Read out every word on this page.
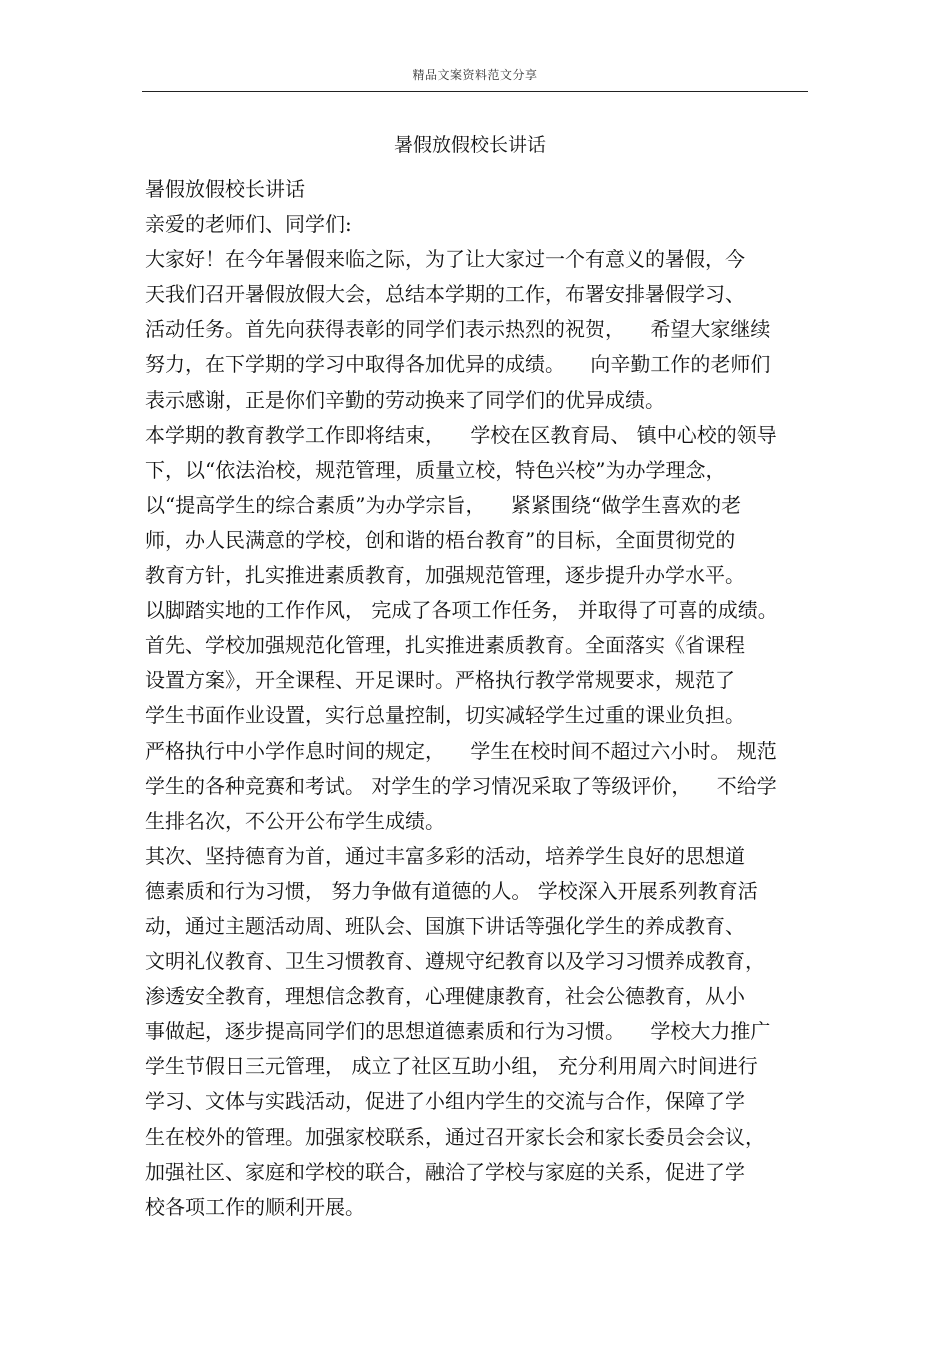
精品文案资料范文分享
暑假放假校长讲话
暑假放假校长讲话
亲爱的老师们、同学们:
大家好！在今年暑假来临之际，为了让大家过一个有意义的暑假，今
天我们召开暑假放假大会，总结本学期的工作，布署安排暑假学习、
活动任务。首先向获得表彰的同学们表示热烈的祝贺，    希望大家继续
努力，在下学期的学习中取得各加优异的成绩。    向辛勤工作的老师们
表示感谢，正是你们辛勤的劳动换来了同学们的优异成绩。
本学期的教育教学工作即将结束，    学校在区教育局、 镇中心校的领导
下，以“依法治校，规范管理，质量立校，特色兴校”为办学理念，
以“提高学生的综合素质”为办学宗旨，    紧紧围绕“做学生喜欢的老
师，办人民满意的学校，创和谐的梧台教育”的目标，全面贯彻党的
教育方针，扎实推进素质教育，加强规范管理，逐步提升办学水平。
以脚踏实地的工作作风， 完成了各项工作任务， 并取得了可喜的成绩。
首先、学校加强规范化管理，扎实推进素质教育。全面落实《省课程
设置方案》，开全课程、开足课时。严格执行教学常规要求，规范了
学生书面作业设置，实行总量控制，切实减轻学生过重的课业负担。
严格执行中小学作息时间的规定，    学生在校时间不超过六小时。 规范
学生的各种竞赛和考试。 对学生的学习情况采取了等级评价，    不给学
生排名次，不公开公布学生成绩。
其次、坚持德育为首，通过丰富多彩的活动，培养学生良好的思想道
德素质和行为习惯， 努力争做有道德的人。 学校深入开展系列教育活
动，通过主题活动周、班队会、国旗下讲话等强化学生的养成教育、
文明礼仪教育、卫生习惯教育、遵规守纪教育以及学习习惯养成教育，
渗透安全教育，理想信念教育，心理健康教育，社会公德教育，从小
事做起，逐步提高同学们的思想道德素质和行为习惯。    学校大力推广
学生节假日三元管理， 成立了社区互助小组， 充分利用周六时间进行
学习、文体与实践活动，促进了小组内学生的交流与合作，保障了学
生在校外的管理。加强家校联系，通过召开家长会和家长委员会会议，
加强社区、家庭和学校的联合，融洽了学校与家庭的关系，促进了学
校各项工作的顺利开展。
